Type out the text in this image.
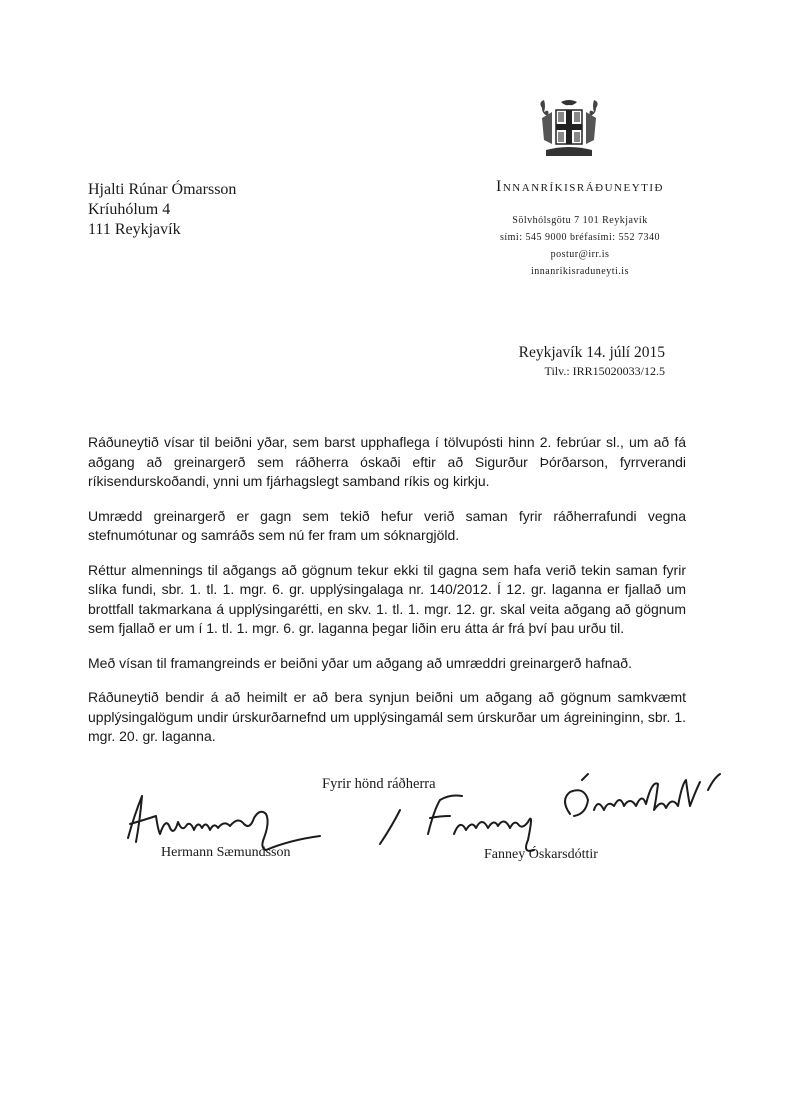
Hjalti Rúnar Ómarsson
Kríuhólum 4
111 Reykjavík
Innanríkisráðuneytið
Sölvhólsgötu 7 101 Reykjavík
sími: 545 9000 bréfasími: 552 7340
postur@irr.is
innanrikisraduneyti.is
Reykjavík 14. júlí 2015
Tilv.: IRR15020033/12.5

Ráðuneytið vísar til beiðni yðar, sem barst upphaflega í tölvupósti hinn 2. febrúar sl., um að fá aðgang að greinargerð sem ráðherra óskaði eftir að Sigurður Þórðarson, fyrrverandi ríkisendurskoðandi, ynni um fjárhagslegt samband ríkis og kirkju.

Umrædd greinargerð er gagn sem tekið hefur verið saman fyrir ráðherrafundi vegna stefnumótunar og samráðs sem nú fer fram um sóknargjöld.

Réttur almennings til aðgangs að gögnum tekur ekki til gagna sem hafa verið tekin saman fyrir slíka fundi, sbr. 1. tl. 1. mgr. 6. gr. upplýsingalaga nr. 140/2012. Í 12. gr. laganna er fjallað um brottfall takmarkana á upplýsingarétti, en skv. 1. tl. 1. mgr. 12. gr. skal veita aðgang að gögnum sem fjallað er um í 1. tl. 1. mgr. 6. gr. laganna þegar liðin eru átta ár frá því þau urðu til.

Með vísan til framangreinds er beiðni yðar um aðgang að umræddri greinargerð hafnað.

Ráðuneytið bendir á að heimilt er að bera synjun beiðni um aðgang að gögnum samkvæmt upplýsingalögum undir úrskurðarnefnd um upplýsingamál sem úrskurðar um ágreininginn, sbr. 1. mgr. 20. gr. laganna.

Fyrir hönd ráðherra
Hermann Sæmundsson	Fanney Óskarsdóttir
